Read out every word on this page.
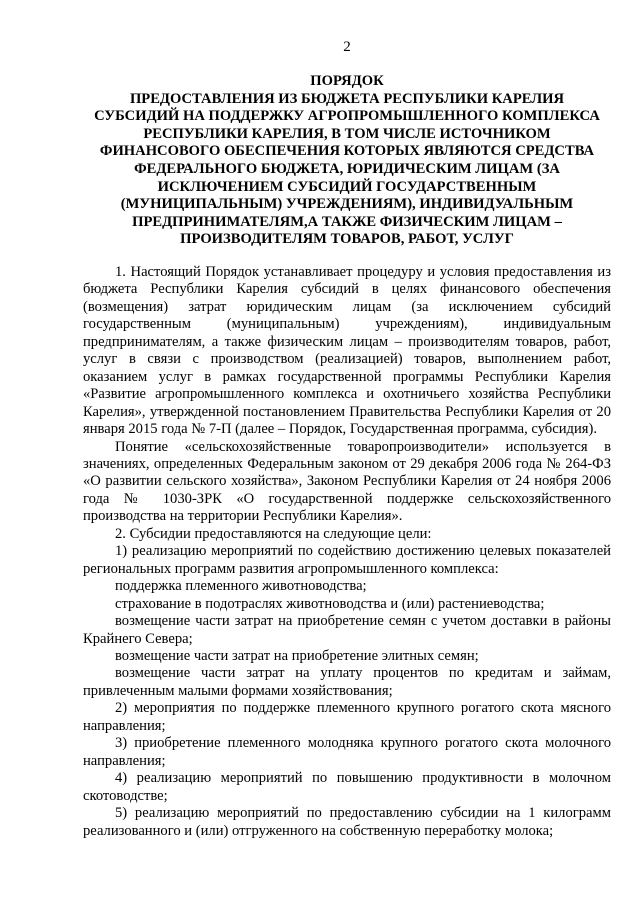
2
ПОРЯДОК
ПРЕДОСТАВЛЕНИЯ ИЗ БЮДЖЕТА РЕСПУБЛИКИ КАРЕЛИЯ
СУБСИДИЙ НА ПОДДЕРЖКУ АГРОПРОМЫШЛЕННОГО КОМПЛЕКСА
РЕСПУБЛИКИ КАРЕЛИЯ, В ТОМ ЧИСЛЕ ИСТОЧНИКОМ
ФИНАНСОВОГО ОБЕСПЕЧЕНИЯ КОТОРЫХ ЯВЛЯЮТСЯ СРЕДСТВА
ФЕДЕРАЛЬНОГО БЮДЖЕТА, ЮРИДИЧЕСКИМ ЛИЦАМ (ЗА
ИСКЛЮЧЕНИЕМ СУБСИДИЙ ГОСУДАРСТВЕННЫМ
(МУНИЦИПАЛЬНЫМ) УЧРЕЖДЕНИЯМ), ИНДИВИДУАЛЬНЫМ
ПРЕДПРИНИМАТЕЛЯМ,А ТАКЖЕ ФИЗИЧЕСКИМ ЛИЦАМ –
ПРОИЗВОДИТЕЛЯМ ТОВАРОВ, РАБОТ, УСЛУГ

1. Настоящий Порядок устанавливает процедуру и условия предоставления из бюджета Республики Карелия субсидий в целях финансового обеспечения (возмещения) затрат юридическим лицам (за исключением субсидий государственным (муниципальным) учреждениям), индивидуальным предпринимателям, а также физическим лицам – производителям товаров, работ, услуг в связи с производством (реализацией) товаров, выполнением работ, оказанием услуг в рамках государственной программы Республики Карелия «Развитие агропромышленного комплекса и охотничьего хозяйства Республики Карелия», утвержденной постановлением Правительства Республики Карелия от 20 января 2015 года № 7-П (далее – Порядок, Государственная программа, субсидия).

Понятие «сельскохозяйственные товаропроизводители» используется в значениях, определенных Федеральным законом от 29 декабря 2006 года № 264-ФЗ «О развитии сельского хозяйства», Законом Республики Карелия от 24 ноября 2006 года № 1030-ЗРК «О государственной поддержке сельскохозяйственного производства на территории Республики Карелия».

2. Субсидии предоставляются на следующие цели:

1) реализацию мероприятий по содействию достижению целевых показателей региональных программ развития агропромышленного комплекса:

поддержка племенного животноводства;

страхование в подотраслях животноводства и (или) растениеводства;

возмещение части затрат на приобретение семян с учетом доставки в районы Крайнего Севера;

возмещение части затрат на приобретение элитных семян;

возмещение части затрат на уплату процентов по кредитам и займам, привлеченным малыми формами хозяйствования;

2) мероприятия по поддержке племенного крупного рогатого скота мясного направления;

3) приобретение племенного молодняка крупного рогатого скота молочного направления;

4) реализацию мероприятий по повышению продуктивности в молочном скотоводстве;

5) реализацию мероприятий по предоставлению субсидии на 1 килограмм реализованного и (или) отгруженного на собственную переработку молока;
